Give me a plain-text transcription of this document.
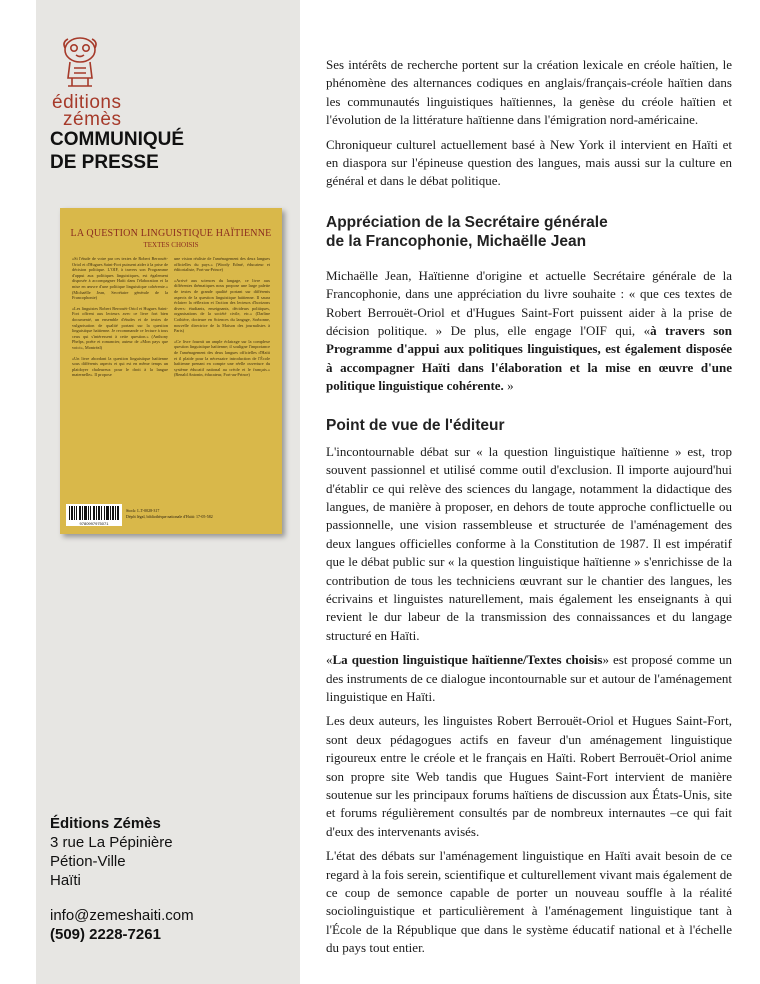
éditions
zémès
COMMUNIQUÉ
DE PRESSE
LA QUESTION LINGUISTIQUE HAÏTIENNE
TEXTES CHOISIS

«Si l'étude de votre par ces textes de Robert Berrouët-Oriol et d'Hugues Saint-Fort puissent aider à la prise de décision politique. L'OIF, à travers son Programme d'appui aux politiques linguistiques, est également disposée à accompagner Haïti dans l'élaboration et la mise en œuvre d'une politique linguistique cohérente.» (Michaëlle Jean, Secrétaire générale de la Francophonie)

«Les linguistes Robert Berrouët-Oriol et Hugues Saint-Fort offrent aux lecteurs avec ce livre fort bien documenté, un ensemble d'études et de textes de vulgarisation de qualité portant sur la question linguistique haïtienne. Je recommande ce lecture à tous ceux qui s'intéressent à cette question.» (Anthony Phelps, poète et romancier, auteur de «Mon pays que voici», Montréal)

«Un livre abordant la question linguistique haïtienne sous différents aspects et qui est en même temps un plaidoyer chaleureux pour le droit à la langue maternelle». Il propose

une vision réaliste de l'aménagement des deux langues officielles du pays.» (Woody Edmé, éducateur et éditorialiste, Port-au-Prince)

«Arrivé aux sciences du langage, ce livre aux différentes thématiques nous propose une large palette de textes de grande qualité portant sur différents aspects de la question linguistique haïtienne. Il saura éclairer la réflexion et l'action des lecteurs d'horizons divers: étudiants, enseignants, décideurs politiques, organisations de la société civile, etc.» (Darline Cothière, docteure en Sciences du langage, Sorbonne, nouvelle directrice de la Maison des journalistes à Paris)

«Ce livre fournit un ample éclairage sur la complexe question linguistique haïtienne; il souligne l'importance de l'aménagement des deux langues officielles d'Haïti et il plaide pour la nécessaire introduction de l'École haïtienne prenant en compte une réelle ouverture du système éducatif national au créole et le français.» (Renald Antonin, éducateur, Fort-au-Prince)

9780997975071
Stock: L.T-0028-317
Dépôt légal, bibliothèque nationale d'Haïti: 17-05-582
Éditions Zémès
3 rue La Pépinière
Pétion-Ville
Haïti
info@zemeshaiti.com
(509) 2228-7261

Ses intérêts de recherche portent sur la création lexicale en créole haïtien, le phénomène des alternances codiques en anglais/français-créole haïtien dans les communautés linguistiques haïtiennes, la genèse du créole haïtien et l'évolution de la littérature haïtienne dans l'émigration nord-américaine.

Chroniqueur culturel actuellement basé à New York il intervient en Haïti et en diaspora sur l'épineuse question des langues, mais aussi sur la culture en général et dans le débat politique.

Appréciation de la Secrétaire générale
de la Francophonie, Michaëlle Jean

Michaëlle Jean, Haïtienne d'origine et actuelle Secrétaire générale de la Francophonie, dans une appréciation du livre souhaite : « que ces textes de Robert Berrouët-Oriol et d'Hugues Saint-Fort puissent aider à la prise de décision politique. » De plus, elle engage l'OIF qui, «à travers son Programme d'appui aux politiques linguistiques, est également disposée à accompagner Haïti dans l'élaboration et la mise en œuvre d'une politique linguistique cohérente. »

Point de vue de l'éditeur

L'incontournable débat sur « la question linguistique haïtienne » est, trop souvent passionnel et utilisé comme outil d'exclusion. Il importe aujourd'hui d'établir ce qui relève des sciences du langage, notamment la didactique des langues, de manière à proposer, en dehors de toute approche conflictuelle ou passionnelle, une vision rassembleuse et structurée de l'aménagement des deux langues officielles conforme à la Constitution de 1987. Il est impératif que le débat public sur « la question linguistique haïtienne » s'enrichisse de la contribution de tous les techniciens œuvrant sur le chantier des langues, les écrivains et linguistes naturellement, mais également les enseignants à qui revient le dur labeur de la transmission des connaissances et du langage structuré en Haïti.

«La question linguistique haïtienne/Textes choisis» est proposé comme un des instruments de ce dialogue incontournable sur et autour de l'aménagement linguistique en Haïti.

Les deux auteurs, les linguistes Robert Berrouët-Oriol et Hugues Saint-Fort, sont deux pédagogues actifs en faveur d'un aménagement linguistique rigoureux entre le créole et le français en Haïti. Robert Berrouët-Oriol anime son propre site Web tandis que Hugues Saint-Fort intervient de manière soutenue sur les principaux forums haïtiens de discussion aux États-Unis, site et forums régulièrement consultés par de nombreux internautes –ce qui fait d'eux des intervenants avisés.

L'état des débats sur l'aménagement linguistique en Haïti avait besoin de ce regard à la fois serein, scientifique et culturellement vivant mais également de ce coup de semonce capable de porter un nouveau souffle à la réalité sociolinguistique et particulièrement à l'aménagement linguistique tant à l'École de la République que dans le système éducatif national et à l'échelle du pays tout entier.
